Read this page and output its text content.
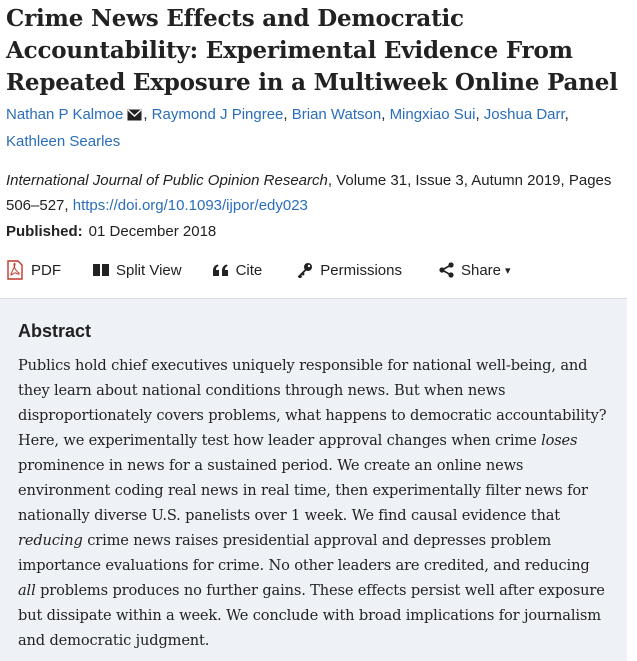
Crime News Effects and Democratic Accountability: Experimental Evidence From Repeated Exposure in a Multiweek Online Panel
Nathan P Kalmoe , Raymond J Pingree, Brian Watson, Mingxiao Sui, Joshua Darr,
Kathleen Searles
International Journal of Public Opinion Research, Volume 31, Issue 3, Autumn 2019, Pages 506–527, https://doi.org/10.1093/ijpor/edy023
Published: 01 December 2018
PDF	Split View	Cite	Permissions	Share ▾
Abstract

Publics hold chief executives uniquely responsible for national well-being, and they learn about national conditions through news. But when news disproportionately covers problems, what happens to democratic accountability? Here, we experimentally test how leader approval changes when crime loses prominence in news for a sustained period. We create an online news environment coding real news in real time, then experimentally filter news for nationally diverse U.S. panelists over 1 week. We find causal evidence that reducing crime news raises presidential approval and depresses problem importance evaluations for crime. No other leaders are credited, and reducing all problems produces no further gains. These effects persist well after exposure but dissipate within a week. We conclude with broad implications for journalism and democratic judgment.
